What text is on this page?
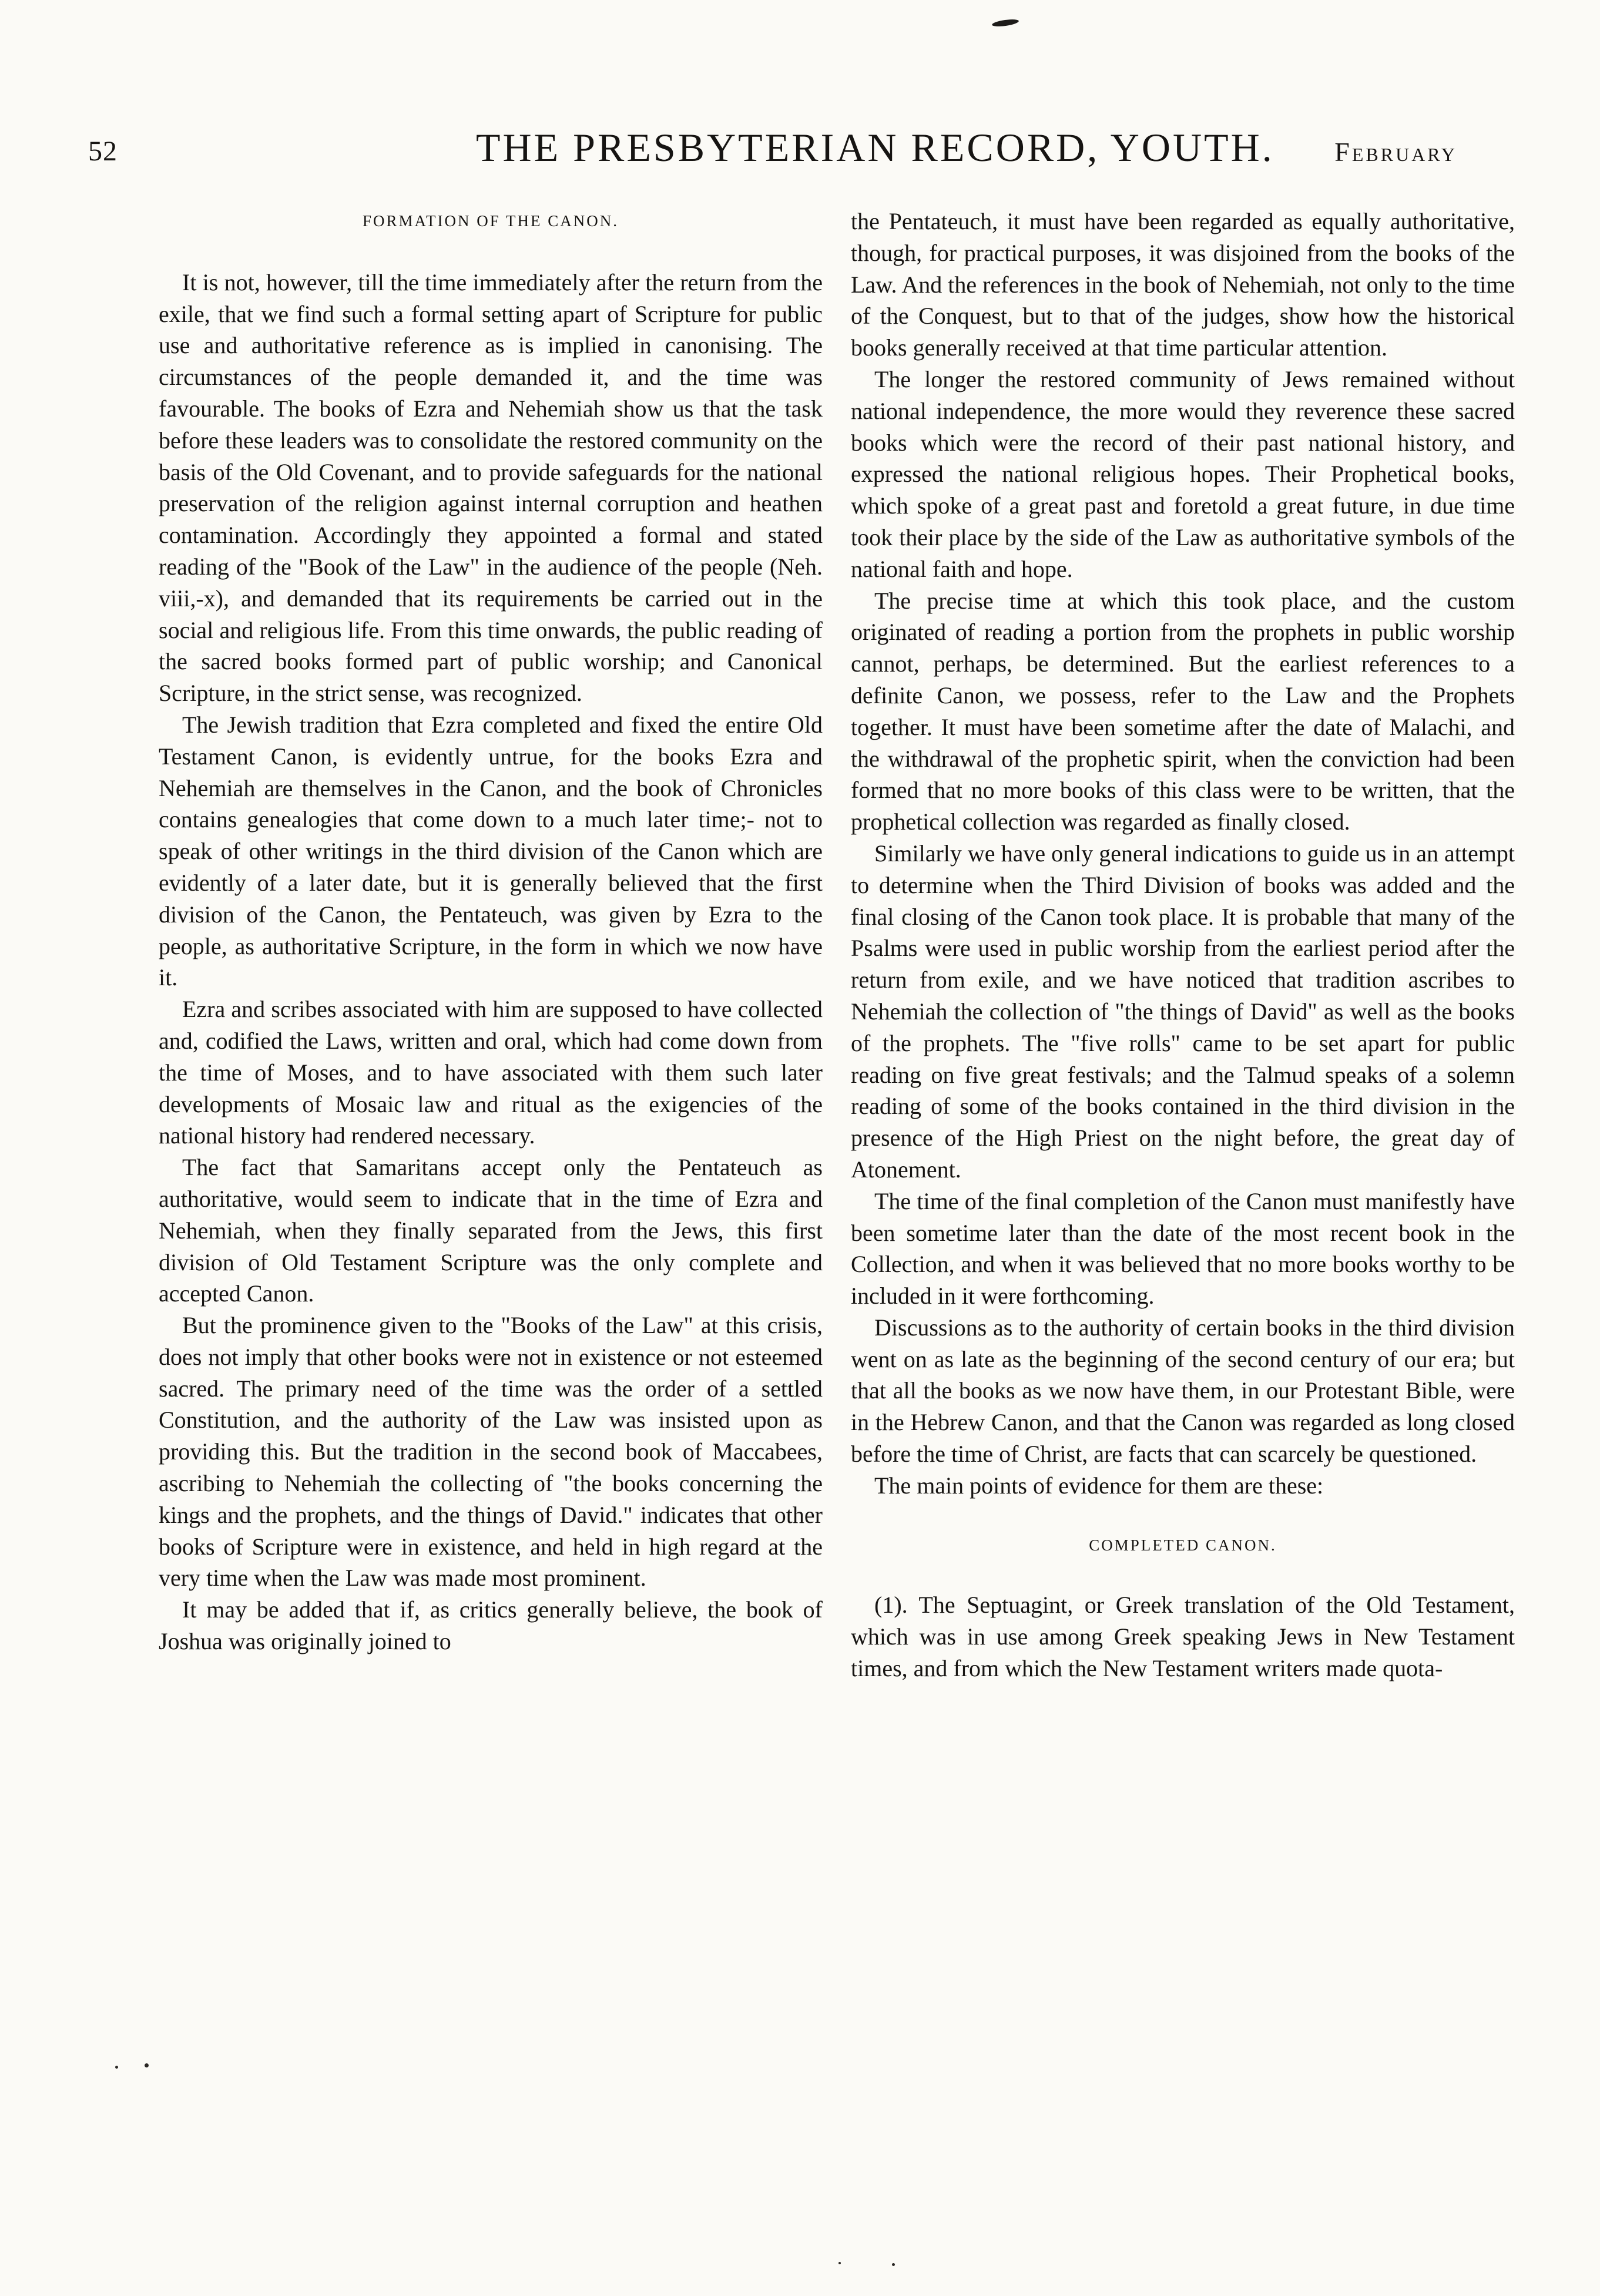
52	THE PRESBYTERIAN RECORD, YOUTH. February
FORMATION OF THE CANON.

It is not, however, till the time immediately after the return from the exile, that we find such a formal setting apart of Scripture for public use and authoritative reference as is implied in canonising. The circumstances of the people demanded it, and the time was favourable. The books of Ezra and Nehemiah show us that the task before these leaders was to consolidate the restored community on the basis of the Old Covenant, and to provide safeguards for the national preservation of the religion against internal corruption and heathen contamination. Accordingly they appointed a formal and stated reading of the "Book of the Law" in the audience of the people (Neh. viii,-x), and demanded that its requirements be carried out in the social and religious life. From this time onwards, the public reading of the sacred books formed part of public worship; and Canonical Scripture, in the strict sense, was recognized.

The Jewish tradition that Ezra completed and fixed the entire Old Testament Canon, is evidently untrue, for the books Ezra and Nehemiah are themselves in the Canon, and the book of Chronicles contains genealogies that come down to a much later time;- not to speak of other writings in the third division of the Canon which are evidently of a later date, but it is generally believed that the first division of the Canon, the Pentateuch, was given by Ezra to the people, as authoritative Scripture, in the form in which we now have it.

Ezra and scribes associated with him are supposed to have collected and, codified the Laws, written and oral, which had come down from the time of Moses, and to have associated with them such later developments of Mosaic law and ritual as the exigencies of the national history had rendered necessary.

The fact that Samaritans accept only the Pentateuch as authoritative, would seem to indicate that in the time of Ezra and Nehemiah, when they finally separated from the Jews, this first division of Old Testament Scripture was the only complete and accepted Canon.

But the prominence given to the "Books of the Law" at this crisis, does not imply that other books were not in existence or not esteemed sacred. The primary need of the time was the order of a settled Constitution, and the authority of the Law was insisted upon as providing this. But the tradition in the second book of Maccabees, ascribing to Nehemiah the collecting of "the books concerning the kings and the prophets, and the things of David." indicates that other books of Scripture were in existence, and held in high regard at the very time when the Law was made most prominent.

It may be added that if, as critics generally believe, the book of Joshua was originally joined to

the Pentateuch, it must have been regarded as equally authoritative, though, for practical purposes, it was disjoined from the books of the Law. And the references in the book of Nehemiah, not only to the time of the Conquest, but to that of the judges, show how the historical books generally received at that time particular attention.

The longer the restored community of Jews remained without national independence, the more would they reverence these sacred books which were the record of their past national history, and expressed the national religious hopes. Their Prophetical books, which spoke of a great past and foretold a great future, in due time took their place by the side of the Law as authoritative symbols of the national faith and hope.

The precise time at which this took place, and the custom originated of reading a portion from the prophets in public worship cannot, perhaps, be determined. But the earliest references to a definite Canon, we possess, refer to the Law and the Prophets together. It must have been sometime after the date of Malachi, and the withdrawal of the prophetic spirit, when the conviction had been formed that no more books of this class were to be written, that the prophetical collection was regarded as finally closed.

Similarly we have only general indications to guide us in an attempt to determine when the Third Division of books was added and the final closing of the Canon took place. It is probable that many of the Psalms were used in public worship from the earliest period after the return from exile, and we have noticed that tradition ascribes to Nehemiah the collection of "the things of David" as well as the books of the prophets. The "five rolls" came to be set apart for public reading on five great festivals; and the Talmud speaks of a solemn reading of some of the books contained in the third division in the presence of the High Priest on the night before, the great day of Atonement.

The time of the final completion of the Canon must manifestly have been sometime later than the date of the most recent book in the Collection, and when it was believed that no more books worthy to be included in it were forthcoming.

Discussions as to the authority of certain books in the third division went on as late as the beginning of the second century of our era; but that all the books as we now have them, in our Protestant Bible, were in the Hebrew Canon, and that the Canon was regarded as long closed before the time of Christ, are facts that can scarcely be questioned.

The main points of evidence for them are these:

COMPLETED CANON.

(1). The Septuagint, or Greek translation of the Old Testament, which was in use among Greek speaking Jews in New Testament times, and from which the New Testament writers made quota-
